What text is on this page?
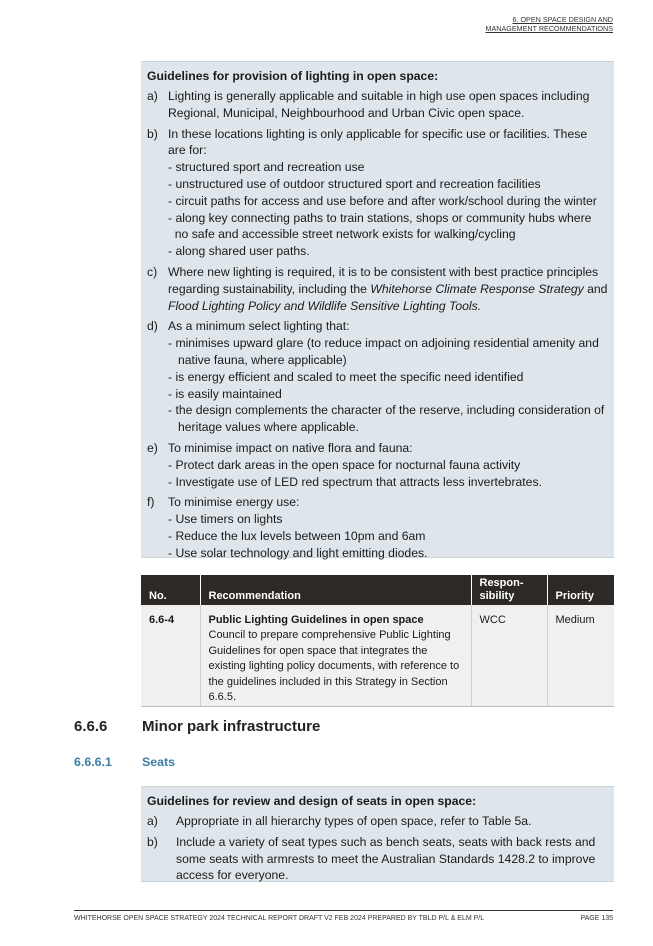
6. OPEN SPACE DESIGN AND
MANAGEMENT RECOMMENDATIONS
Guidelines for provision of lighting in open space:
a) Lighting is generally applicable and suitable in high use open spaces including Regional, Municipal, Neighbourhood and Urban Civic open space.
b) In these locations lighting is only applicable for specific use or facilities. These are for:
- structured sport and recreation use
- unstructured use of outdoor structured sport and recreation facilities
- circuit paths for access and use before and after work/school during the winter
- along key connecting paths to train stations, shops or community hubs where
no safe and accessible street network exists for walking/cycling
- along shared user paths.
c) Where new lighting is required, it is to be consistent with best practice principles regarding sustainability, including the Whitehorse Climate Response Strategy and Flood Lighting Policy and Wildlife Sensitive Lighting Tools.
d) As a minimum select lighting that:
- minimises upward glare (to reduce impact on adjoining residential amenity and native fauna, where applicable)
- is energy efficient and scaled to meet the specific need identified
- is easily maintained
- the design complements the character of the reserve, including consideration of heritage values where applicable.
e) To minimise impact on native flora and fauna:
- Protect dark areas in the open space for nocturnal fauna activity
- Investigate use of LED red spectrum that attracts less invertebrates.
f)	To minimise energy use:
- Use timers on lights
- Reduce the lux levels between 10pm and 6am
- Use solar technology and light emitting diodes.
No.	Recommendation	Respon-
sibility	Priority
6.6-4	Public Lighting Guidelines in open space
Council to prepare comprehensive Public Lighting Guidelines for open space that integrates the existing lighting policy documents, with reference to the guidelines included in this Strategy in Section 6.6.5.	WCC	Medium
6.6.6 Minor park infrastructure
6.6.6.1 Seats
Guidelines for review and design of seats in open space:
a)	Appropriate in all hierarchy types of open space, refer to Table 5a.
b)	Include a variety of seat types such as bench seats, seats with back rests and some seats with armrests to meet the Australian Standards 1428.2 to improve access for everyone.
WHITEHORSE OPEN SPACE STRATEGY 2024 TECHNICAL REPORT DRAFT V2 FEB 2024 PREPARED BY TBLD P/L & ELM P/L	PAGE 135
